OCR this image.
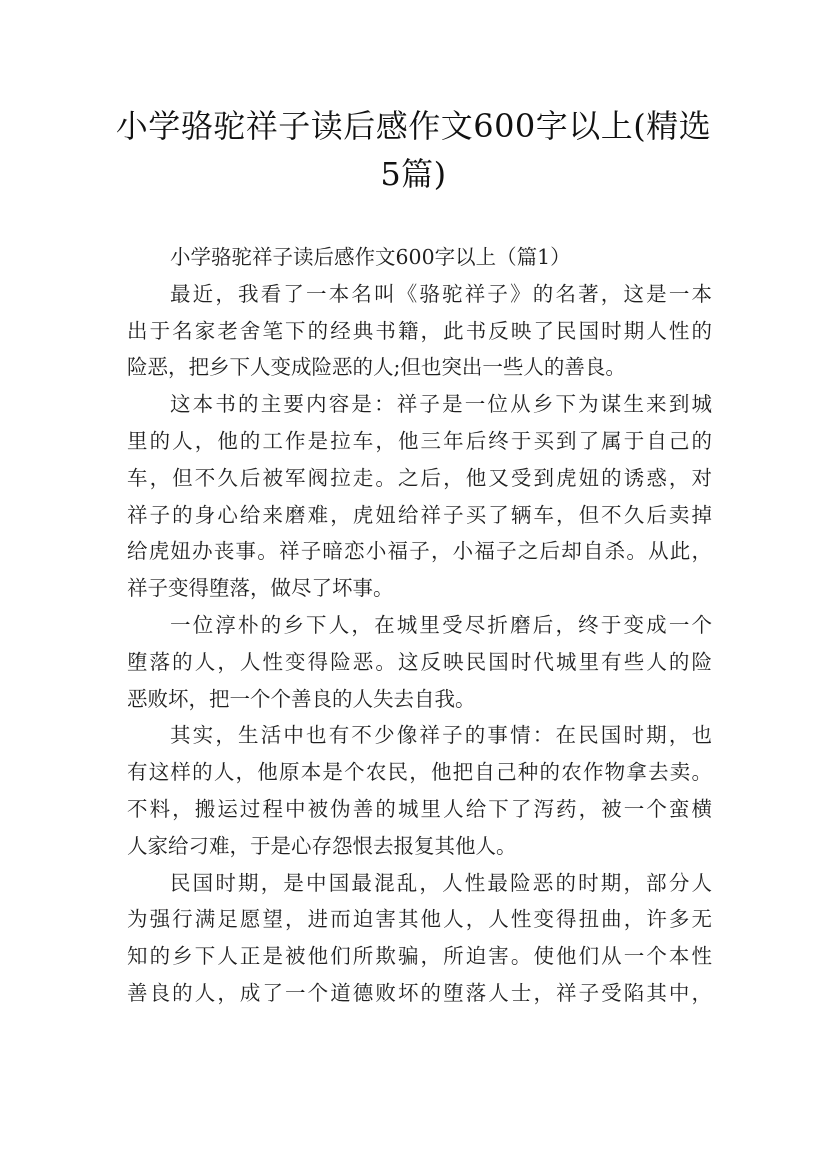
小学骆驼祥子读后感作文600字以上(精选
5篇)
小学骆驼祥子读后感作文600字以上（篇1）
最近，我看了一本名叫《骆驼祥子》的名著，这是一本
出于名家老舍笔下的经典书籍，此书反映了民国时期人性的
险恶，把乡下人变成险恶的人;但也突出一些人的善良。
这本书的主要内容是：祥子是一位从乡下为谋生来到城
里的人，他的工作是拉车，他三年后终于买到了属于自己的
车，但不久后被军阀拉走。之后，他又受到虎妞的诱惑，对
祥子的身心给来磨难，虎妞给祥子买了辆车，但不久后卖掉
给虎妞办丧事。祥子暗恋小福子，小福子之后却自杀。从此，
祥子变得堕落，做尽了坏事。
一位淳朴的乡下人，在城里受尽折磨后，终于变成一个
堕落的人，人性变得险恶。这反映民国时代城里有些人的险
恶败坏，把一个个善良的人失去自我。
其实，生活中也有不少像祥子的事情：在民国时期，也
有这样的人，他原本是个农民，他把自己种的农作物拿去卖。
不料，搬运过程中被伪善的城里人给下了泻药，被一个蛮横
人家给刁难，于是心存怨恨去报复其他人。
民国时期，是中国最混乱，人性最险恶的时期，部分人
为强行满足愿望，进而迫害其他人，人性变得扭曲，许多无
知的乡下人正是被他们所欺骗，所迫害。使他们从一个本性
善良的人，成了一个道德败坏的堕落人士，祥子受陷其中，
